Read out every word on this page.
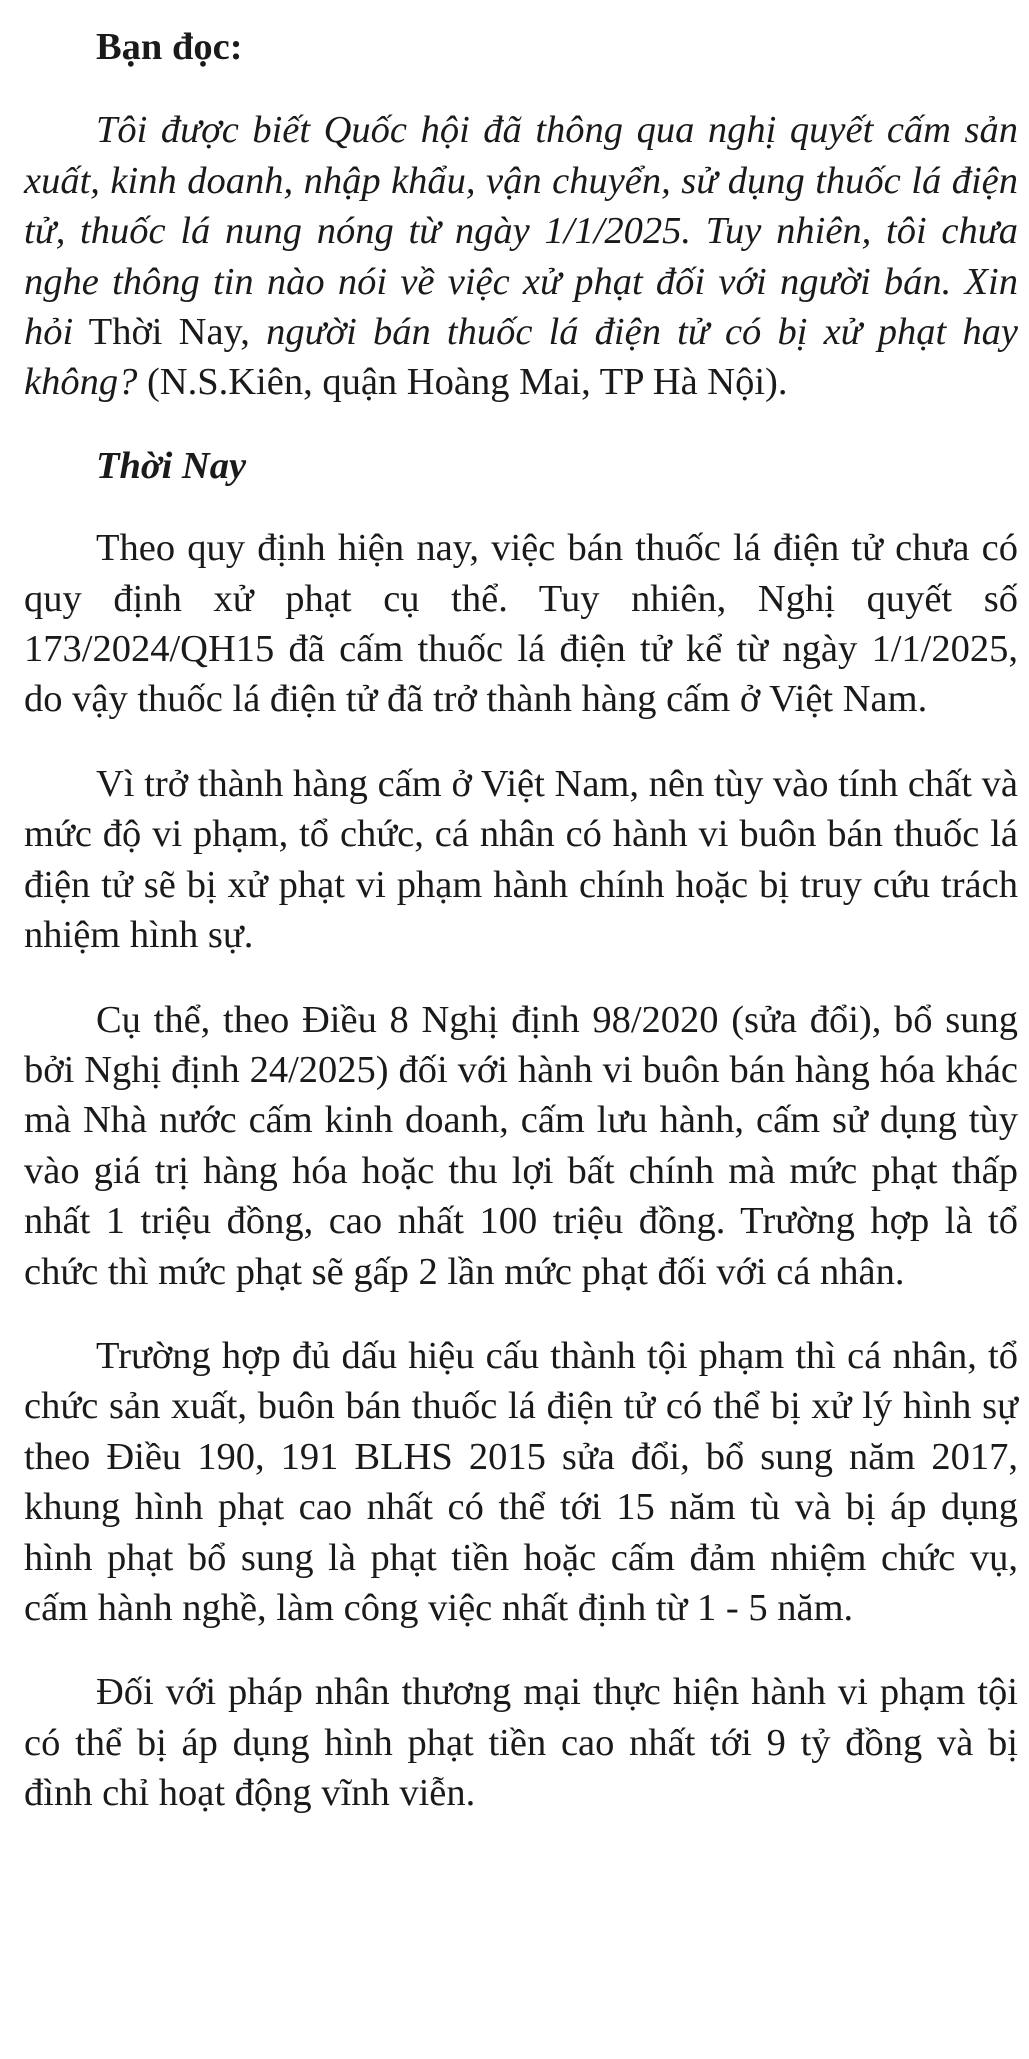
Bạn đọc:

Tôi được biết Quốc hội đã thông qua nghị quyết cấm sản xuất, kinh doanh, nhập khẩu, vận chuyển, sử dụng thuốc lá điện tử, thuốc lá nung nóng từ ngày 1/1/2025. Tuy nhiên, tôi chưa nghe thông tin nào nói về việc xử phạt đối với người bán. Xin hỏi Thời Nay, người bán thuốc lá điện tử có bị xử phạt hay không? (N.S.Kiên, quận Hoàng Mai, TP Hà Nội).

Thời Nay

Theo quy định hiện nay, việc bán thuốc lá điện tử chưa có quy định xử phạt cụ thể. Tuy nhiên, Nghị quyết số 173/2024/QH15 đã cấm thuốc lá điện tử kể từ ngày 1/1/2025, do vậy thuốc lá điện tử đã trở thành hàng cấm ở Việt Nam.

Vì trở thành hàng cấm ở Việt Nam, nên tùy vào tính chất và mức độ vi phạm, tổ chức, cá nhân có hành vi buôn bán thuốc lá điện tử sẽ bị xử phạt vi phạm hành chính hoặc bị truy cứu trách nhiệm hình sự.

Cụ thể, theo Điều 8 Nghị định 98/2020 (sửa đổi), bổ sung bởi Nghị định 24/2025) đối với hành vi buôn bán hàng hóa khác mà Nhà nước cấm kinh doanh, cấm lưu hành, cấm sử dụng tùy vào giá trị hàng hóa hoặc thu lợi bất chính mà mức phạt thấp nhất 1 triệu đồng, cao nhất 100 triệu đồng. Trường hợp là tổ chức thì mức phạt sẽ gấp 2 lần mức phạt đối với cá nhân.

Trường hợp đủ dấu hiệu cấu thành tội phạm thì cá nhân, tổ chức sản xuất, buôn bán thuốc lá điện tử có thể bị xử lý hình sự theo Điều 190, 191 BLHS 2015 sửa đổi, bổ sung năm 2017, khung hình phạt cao nhất có thể tới 15 năm tù và bị áp dụng hình phạt bổ sung là phạt tiền hoặc cấm đảm nhiệm chức vụ, cấm hành nghề, làm công việc nhất định từ 1 - 5 năm.

Đối với pháp nhân thương mại thực hiện hành vi phạm tội có thể bị áp dụng hình phạt tiền cao nhất tới 9 tỷ đồng và bị đình chỉ hoạt động vĩnh viễn.
